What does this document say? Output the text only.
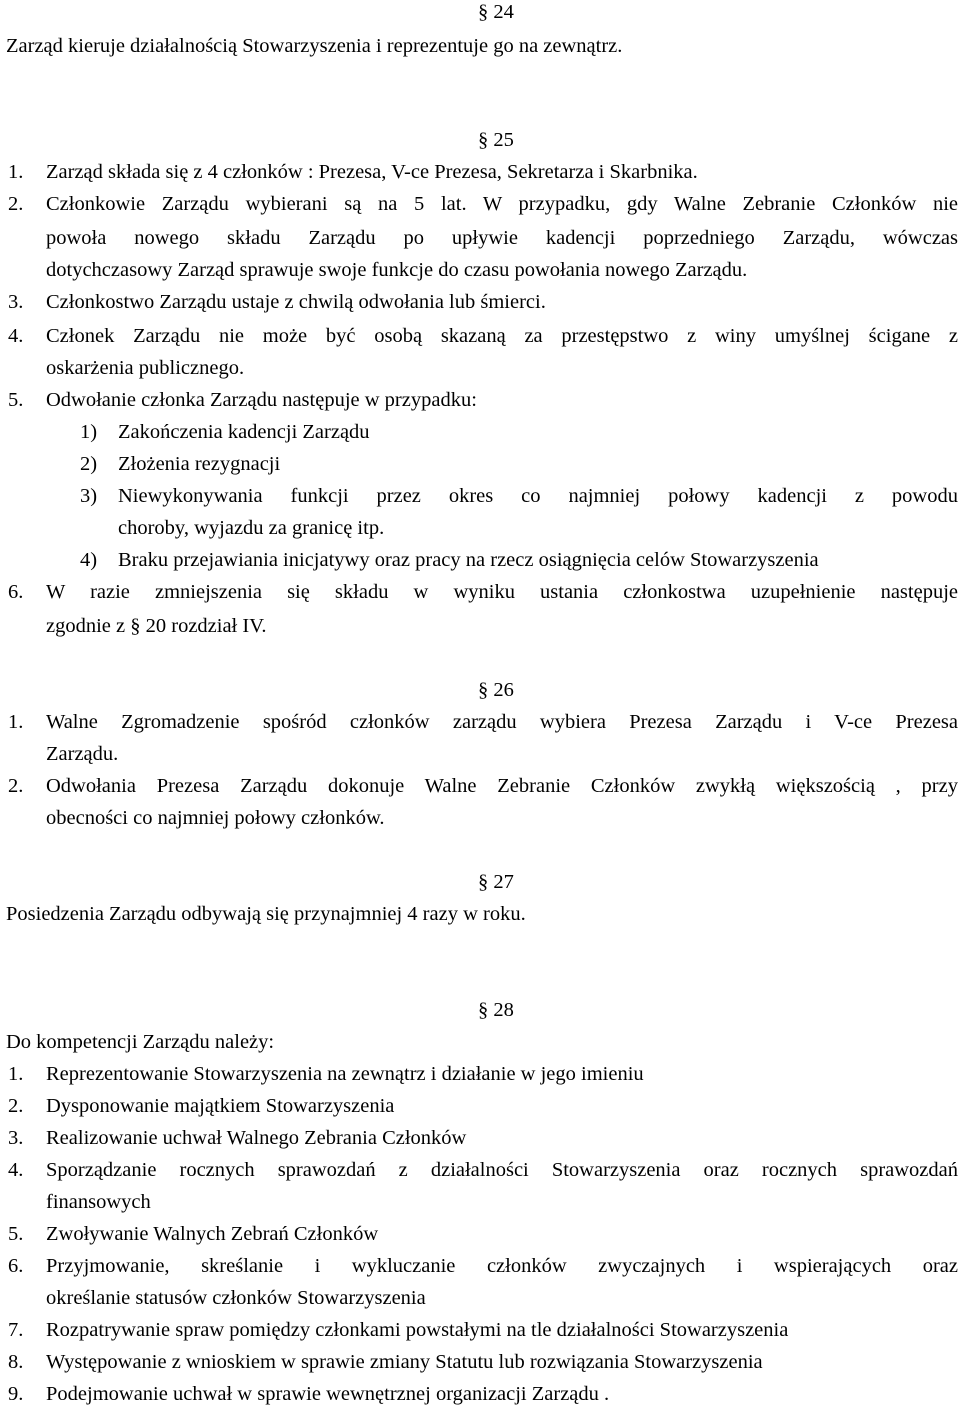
§ 24
Zarząd kieruje działalnością Stowarzyszenia i reprezentuje go na zewnątrz.
§ 25
1. Zarząd składa się z 4 członków : Prezesa, V-ce Prezesa, Sekretarza i Skarbnika.
2. Członkowie Zarządu wybierani są na 5 lat. W przypadku, gdy Walne Zebranie Członków nie
powoła nowego składu Zarządu po upływie kadencji poprzedniego Zarządu, wówczas
dotychczasowy Zarząd sprawuje swoje funkcje do czasu powołania nowego Zarządu.
3. Członkostwo Zarządu ustaje z chwilą odwołania lub śmierci.
4. Członek Zarządu nie może być osobą skazaną za przestępstwo z winy umyślnej ścigane z
oskarżenia publicznego.
5. Odwołanie członka Zarządu następuje w przypadku:
1) Zakończenia kadencji Zarządu
2) Złożenia rezygnacji
3) Niewykonywania funkcji przez okres co najmniej połowy kadencji z powodu
choroby, wyjazdu za granicę itp.
4) Braku przejawiania inicjatywy oraz pracy na rzecz osiągnięcia celów Stowarzyszenia
6. W razie zmniejszenia się składu w wyniku ustania członkostwa uzupełnienie następuje
zgodnie z § 20 rozdział IV.
§ 26
1. Walne Zgromadzenie spośród członków zarządu wybiera Prezesa Zarządu i V-ce Prezesa
Zarządu.
2. Odwołania Prezesa Zarządu dokonuje Walne Zebranie Członków zwykłą większością , przy
obecności co najmniej połowy członków.
§ 27
Posiedzenia Zarządu odbywają się przynajmniej 4 razy w roku.
§ 28
Do kompetencji Zarządu należy:
1. Reprezentowanie Stowarzyszenia na zewnątrz i działanie w jego imieniu
2. Dysponowanie majątkiem Stowarzyszenia
3. Realizowanie uchwał Walnego Zebrania Członków
4. Sporządzanie rocznych sprawozdań z działalności Stowarzyszenia oraz rocznych sprawozdań
finansowych
5. Zwoływanie Walnych Zebrań Członków
6. Przyjmowanie, skreślanie i wykluczanie członków zwyczajnych i wspierających oraz
określanie statusów członków Stowarzyszenia
7. Rozpatrywanie spraw pomiędzy członkami powstałymi na tle działalności Stowarzyszenia
8. Występowanie z wnioskiem w sprawie zmiany Statutu lub rozwiązania Stowarzyszenia
9. Podejmowanie uchwał w sprawie wewnętrznej organizacji Zarządu .
